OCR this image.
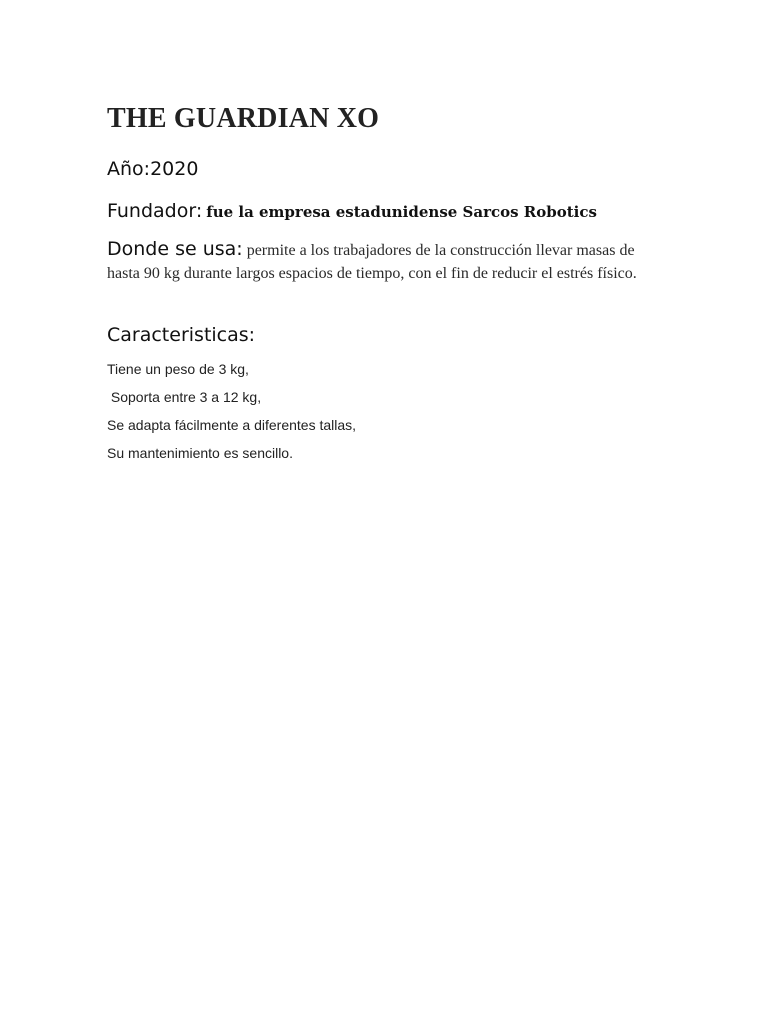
THE GUARDIAN XO
Año:2020
Fundador: fue la empresa estadunidense Sarcos Robotics

Donde se usa: permite a los trabajadores de la construcción llevar masas de hasta 90 kg durante largos espacios de tiempo, con el fin de reducir el estrés físico.

Caracteristicas:
Tiene un peso de 3 kg,
Soporta entre 3 a 12 kg,
Se adapta fácilmente a diferentes tallas,
Su mantenimiento es sencillo.
